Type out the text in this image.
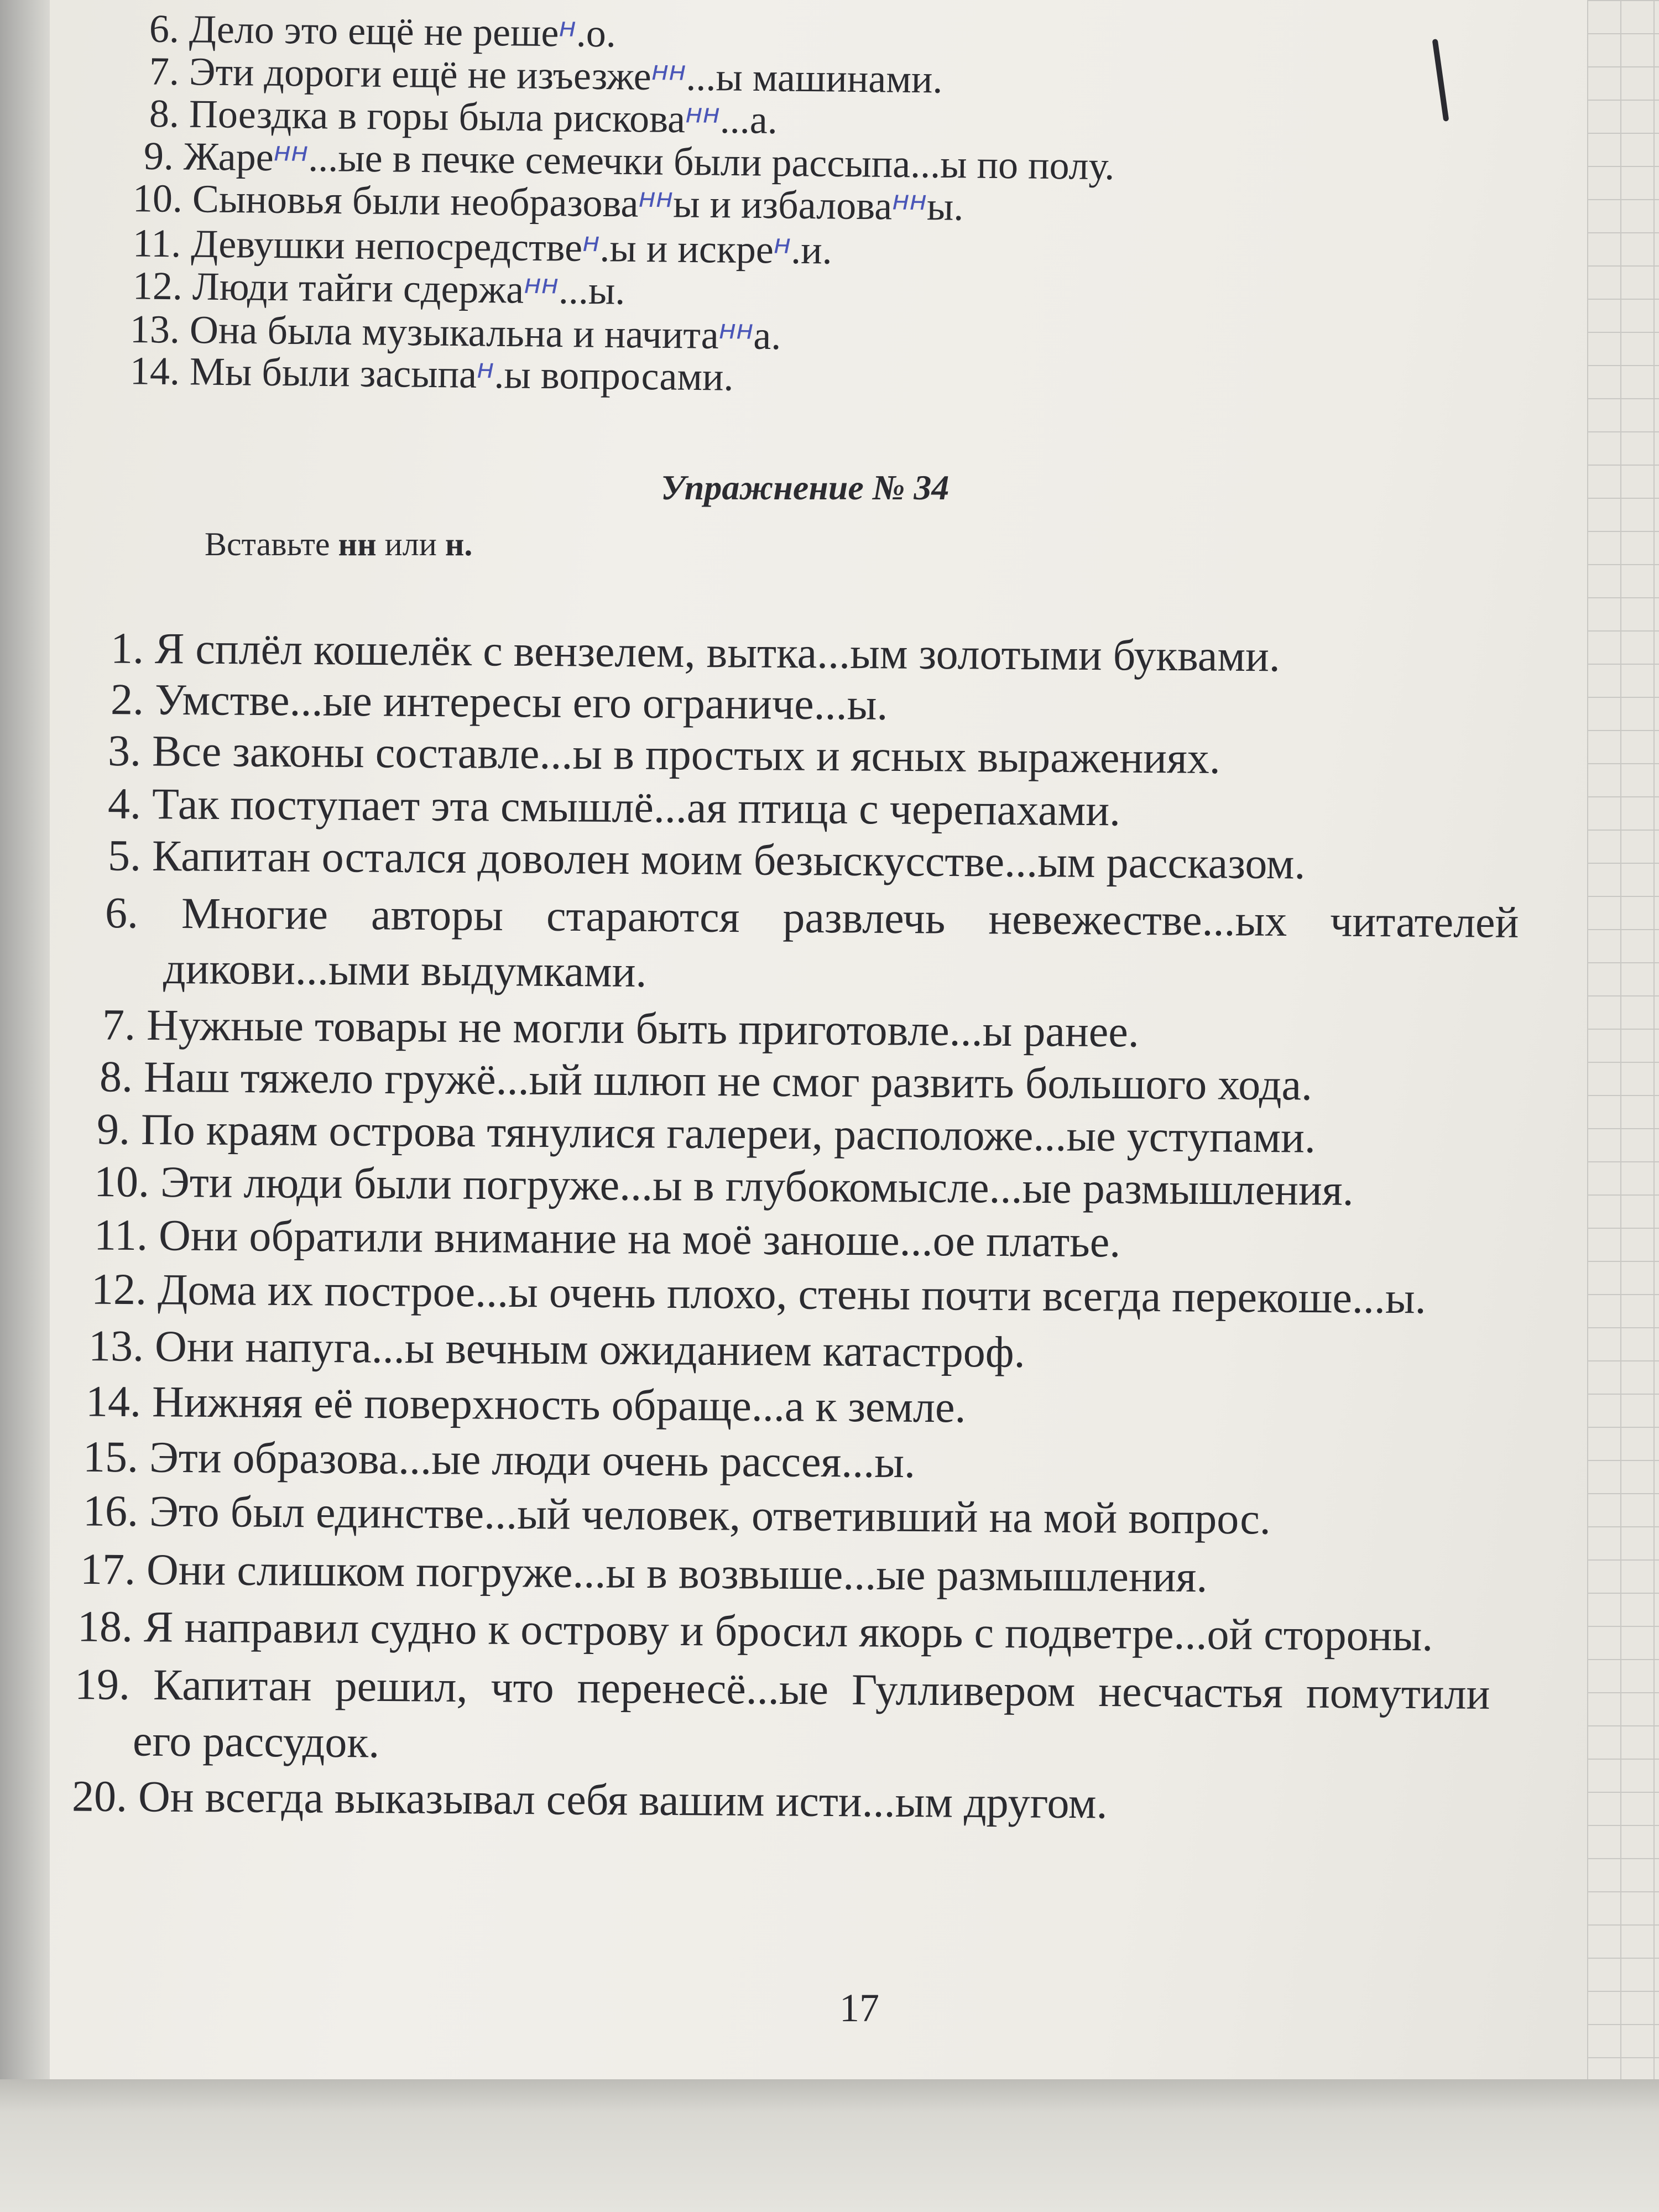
6. Дело это ещё не реше$^н$.о.
7. Эти дороги ещё не изъезже$^{нн}$...ы машинами.
8. Поездка в горы была рискова$^{нн}$...а.
9. Жаре$^{нн}$...ые в печке семечки были рассыпа...ы по полу.
10. Сыновья были необразова$^{нн}$ы и избалова$^{нн}$ы.
11. Девушки непосредстве$^н$.ы и искре$^н$.и.
12. Люди тайги сдержа$^{нн}$...ы.
13. Она была музыкальна и начита$^{нн}$а.
14. Мы были засыпа$^н$.ы вопросами.
Упражнение № 34
Вставьте нн или н.
1. Я сплёл кошелёк с вензелем, вытка...ым золотыми буквами.
2. Умстве...ые интересы его ограниче...ы.
3. Все законы составле...ы в простых и ясных выражениях.
4. Так поступает эта смышлё...ая птица с черепахами.
5. Капитан остался доволен моим безыскусстве...ым рассказом.
6. Многие авторы стараются развлечь невежестве...ых читателей
дикови...ыми выдумками.
7. Нужные товары не могли быть приготовле...ы ранее.
8. Наш тяжело гружё...ый шлюп не смог развить большого хода.
9. По краям острова тянулися галереи, расположе...ые уступами.
10. Эти люди были погруже...ы в глубокомысле...ые размышления.
11. Они обратили внимание на моё заноше...ое платье.
12. Дома их построе...ы очень плохо, стены почти всегда перекоше...ы.
13. Они напуга...ы вечным ожиданием катастроф.
14. Нижняя её поверхность обраще...а к земле.
15. Эти образова...ые люди очень рассея...ы.
16. Это был единстве...ый человек, ответивший на мой вопрос.
17. Они слишком погруже...ы в возвыше...ые размышления.
18. Я направил судно к острову и бросил якорь с подветре...ой стороны.
19. Капитан решил, что перенесё...ые Гулливером несчастья помутили
его рассудок.
20. Он всегда выказывал себя вашим исти...ым другом.
17
